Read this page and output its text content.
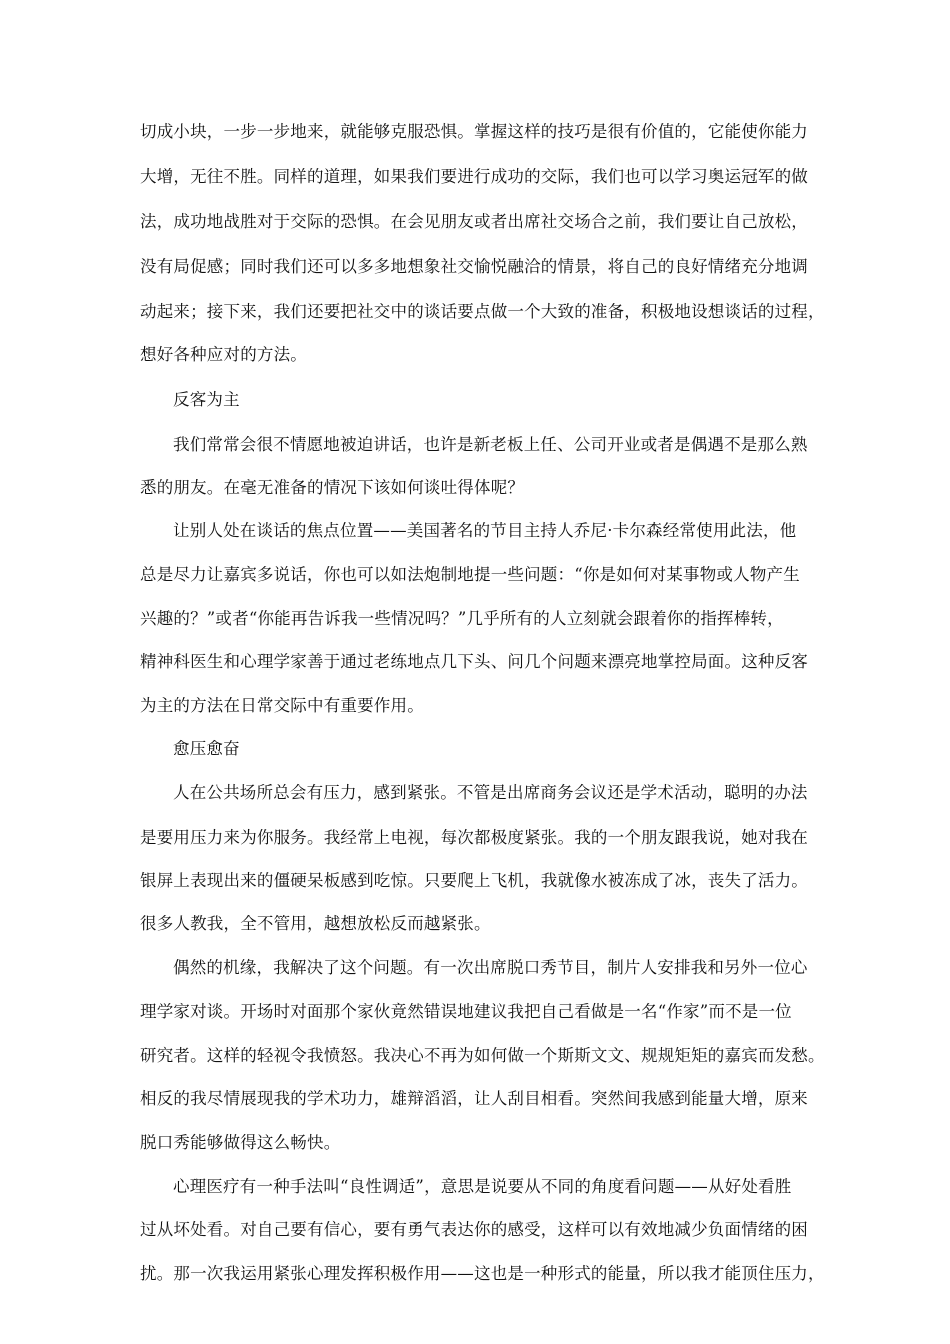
切成小块，一步一步地来，就能够克服恐惧。掌握这样的技巧是很有价值的，它能使你能力
大增，无往不胜。同样的道理，如果我们要进行成功的交际，我们也可以学习奥运冠军的做
法，成功地战胜对于交际的恐惧。在会见朋友或者出席社交场合之前，我们要让自己放松，
没有局促感；同时我们还可以多多地想象社交愉悦融洽的情景，将自己的良好情绪充分地调
动起来；接下来，我们还要把社交中的谈话要点做一个大致的准备，积极地设想谈话的过程，
想好各种应对的方法。
反客为主
我们常常会很不情愿地被迫讲话，也许是新老板上任、公司开业或者是偶遇不是那么熟
悉的朋友。在毫无准备的情况下该如何谈吐得体呢？
让别人处在谈话的焦点位置——美国著名的节目主持人乔尼·卡尔森经常使用此法，他
总是尽力让嘉宾多说话，你也可以如法炮制地提一些问题：“你是如何对某事物或人物产生
兴趣的？”或者“你能再告诉我一些情况吗？”几乎所有的人立刻就会跟着你的指挥棒转，
精神科医生和心理学家善于通过老练地点几下头、问几个问题来漂亮地掌控局面。这种反客
为主的方法在日常交际中有重要作用。
愈压愈奋
人在公共场所总会有压力，感到紧张。不管是出席商务会议还是学术活动，聪明的办法
是要用压力来为你服务。我经常上电视，每次都极度紧张。我的一个朋友跟我说，她对我在
银屏上表现出来的僵硬呆板感到吃惊。只要爬上飞机，我就像水被冻成了冰，丧失了活力。
很多人教我，全不管用，越想放松反而越紧张。
偶然的机缘，我解决了这个问题。有一次出席脱口秀节目，制片人安排我和另外一位心
理学家对谈。开场时对面那个家伙竟然错误地建议我把自己看做是一名“作家”而不是一位
研究者。这样的轻视令我愤怒。我决心不再为如何做一个斯斯文文、规规矩矩的嘉宾而发愁。
相反的我尽情展现我的学术功力，雄辩滔滔，让人刮目相看。突然间我感到能量大增，原来
脱口秀能够做得这么畅快。
心理医疗有一种手法叫“良性调适”，意思是说要从不同的角度看问题——从好处看胜
过从坏处看。对自己要有信心，要有勇气表达你的感受，这样可以有效地减少负面情绪的困
扰。那一次我运用紧张心理发挥积极作用——这也是一种形式的能量，所以我才能顶住压力，
